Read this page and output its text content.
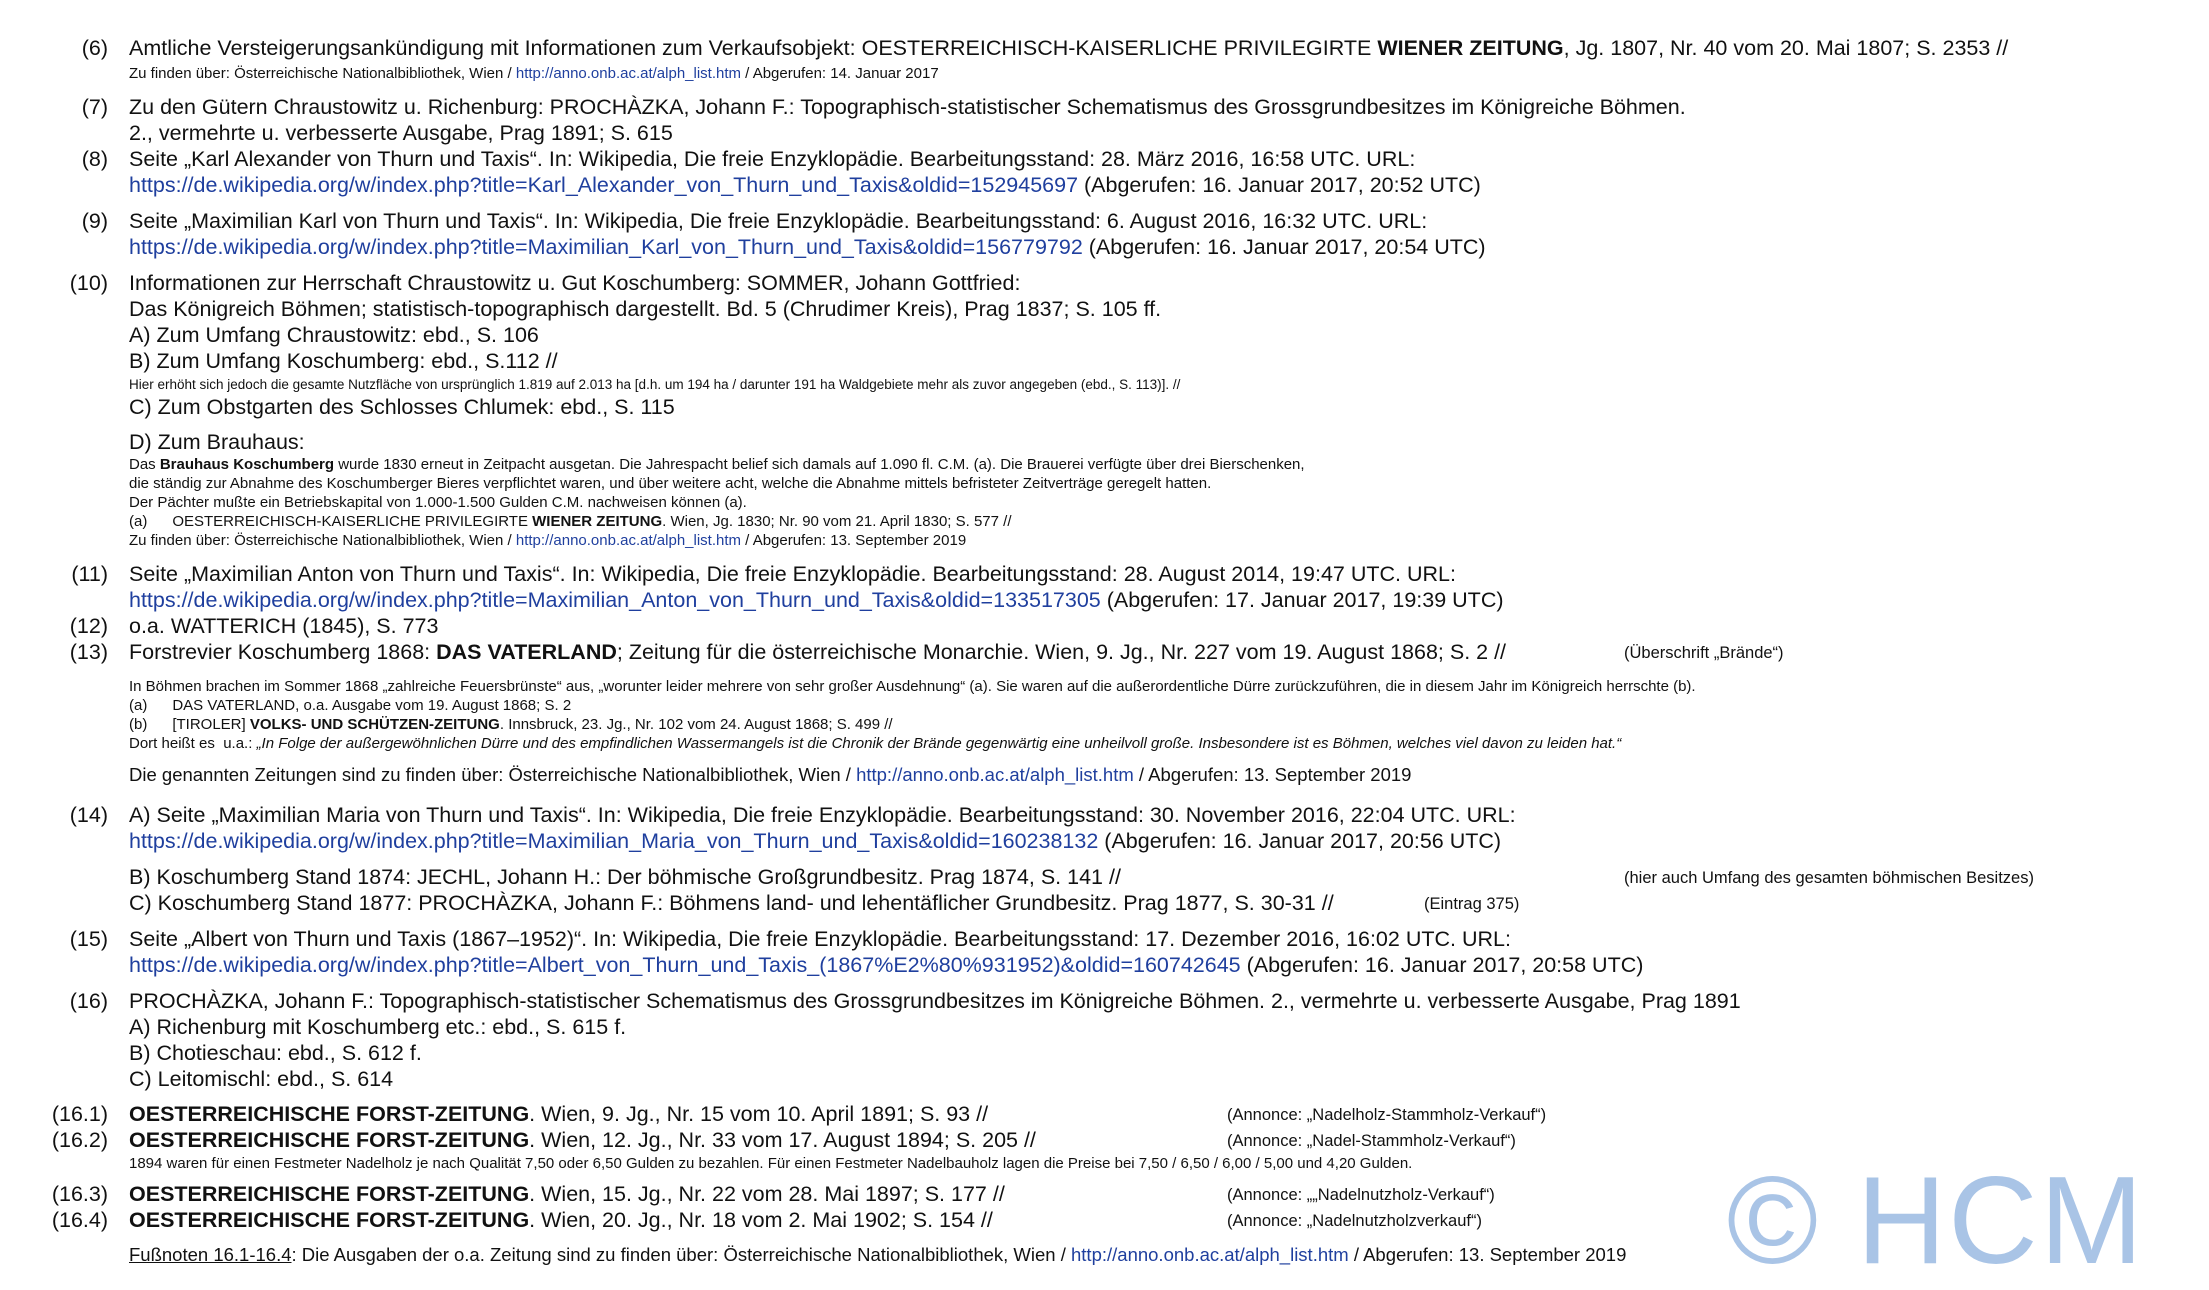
(6) Amtliche Versteigerungsankündigung mit Informationen zum Verkaufsobjekt: OESTERREICHISCH-KAISERLICHE PRIVILEGIRTE WIENER ZEITUNG, Jg. 1807, Nr. 40 vom 20. Mai 1807; S. 2353 //
Zu finden über: Österreichische Nationalbibliothek, Wien / http://anno.onb.ac.at/alph_list.htm / Abgerufen: 14. Januar 2017
(7) Zu den Gütern Chraustowitz u. Richenburg: PROCHÀZKA, Johann F.: Topographisch-statistischer Schematismus des Grossgrundbesitzes im Königreiche Böhmen.
2., vermehrte u. verbesserte Ausgabe, Prag 1891; S. 615
(8) Seite „Karl Alexander von Thurn und Taxis“. In: Wikipedia, Die freie Enzyklopädie. Bearbeitungsstand: 28. März 2016, 16:58 UTC. URL:
https://de.wikipedia.org/w/index.php?title=Karl_Alexander_von_Thurn_und_Taxis&oldid=152945697 (Abgerufen: 16. Januar 2017, 20:52 UTC)
(9) Seite „Maximilian Karl von Thurn und Taxis“. In: Wikipedia, Die freie Enzyklopädie. Bearbeitungsstand: 6. August 2016, 16:32 UTC. URL:
https://de.wikipedia.org/w/index.php?title=Maximilian_Karl_von_Thurn_und_Taxis&oldid=156779792 (Abgerufen: 16. Januar 2017, 20:54 UTC)
(10) Informationen zur Herrschaft Chraustowitz u. Gut Koschumberg: SOMMER, Johann Gottfried:
Das Königreich Böhmen; statistisch-topographisch dargestellt. Bd. 5 (Chrudimer Kreis), Prag 1837; S. 105 ff.
A) Zum Umfang Chraustowitz: ebd., S. 106
B) Zum Umfang Koschumberg: ebd., S.112 //
Hier erhöht sich jedoch die gesamte Nutzfläche von ursprünglich 1.819 auf 2.013 ha [d.h. um 194 ha / darunter 191 ha Waldgebiete mehr als zuvor angegeben (ebd., S. 113)]. //
C) Zum Obstgarten des Schlosses Chlumek: ebd., S. 115
D) Zum Brauhaus:
Das Brauhaus Koschumberg wurde 1830 erneut in Zeitpacht ausgetan. Die Jahrespacht belief sich damals auf 1.090 fl. C.M. (a). Die Brauerei verfügte über drei Bierschenken,
die ständig zur Abnahme des Koschumberger Bieres verpflichtet waren, und über weitere acht, welche die Abnahme mittels befristeter Zeitverträge geregelt hatten.
Der Pächter mußte ein Betriebskapital von 1.000-1.500 Gulden C.M. nachweisen können (a).
(a)      OESTERREICHISCH-KAISERLICHE PRIVILEGIRTE WIENER ZEITUNG. Wien, Jg. 1830; Nr. 90 vom 21. April 1830; S. 577 //
Zu finden über: Österreichische Nationalbibliothek, Wien / http://anno.onb.ac.at/alph_list.htm / Abgerufen: 13. September 2019
(11) Seite „Maximilian Anton von Thurn und Taxis“. In: Wikipedia, Die freie Enzyklopädie. Bearbeitungsstand: 28. August 2014, 19:47 UTC. URL:
https://de.wikipedia.org/w/index.php?title=Maximilian_Anton_von_Thurn_und_Taxis&oldid=133517305 (Abgerufen: 17. Januar 2017, 19:39 UTC)
(12) o.a. WATTERICH (1845), S. 773
(13) Forstrevier Koschumberg 1868: DAS VATERLAND; Zeitung für die österreichische Monarchie. Wien, 9. Jg., Nr. 227 vom 19. August 1868; S. 2 //	(Überschrift „Brände“)
In Böhmen brachen im Sommer 1868 „zahlreiche Feuersbrünste“ aus, „worunter leider mehrere von sehr großer Ausdehnung“ (a). Sie waren auf die außerordentliche Dürre zurückzuführen, die in diesem Jahr im Königreich herrschte (b).
(a)      DAS VATERLAND, o.a. Ausgabe vom 19. August 1868; S. 2
(b)      [TIROLER] VOLKS- UND SCHÜTZEN-ZEITUNG. Innsbruck, 23. Jg., Nr. 102 vom 24. August 1868; S. 499 //
Dort heißt es  u.a.: „In Folge der außergewöhnlichen Dürre und des empfindlichen Wassermangels ist die Chronik der Brände gegenwärtig eine unheilvoll große. Insbesondere ist es Böhmen, welches viel davon zu leiden hat.“
Die genannten Zeitungen sind zu finden über: Österreichische Nationalbibliothek, Wien / http://anno.onb.ac.at/alph_list.htm / Abgerufen: 13. September 2019
(14) A) Seite „Maximilian Maria von Thurn und Taxis“. In: Wikipedia, Die freie Enzyklopädie. Bearbeitungsstand: 30. November 2016, 22:04 UTC. URL:
https://de.wikipedia.org/w/index.php?title=Maximilian_Maria_von_Thurn_und_Taxis&oldid=160238132 (Abgerufen: 16. Januar 2017, 20:56 UTC)
B) Koschumberg Stand 1874: JECHL, Johann H.: Der böhmische Großgrundbesitz. Prag 1874, S. 141 //	(hier auch Umfang des gesamten böhmischen Besitzes)
C) Koschumberg Stand 1877: PROCHÀZKA, Johann F.: Böhmens land- und lehentäflicher Grundbesitz. Prag 1877, S. 30-31 //	(Eintrag 375)
(15) Seite „Albert von Thurn und Taxis (1867–1952)“. In: Wikipedia, Die freie Enzyklopädie. Bearbeitungsstand: 17. Dezember 2016, 16:02 UTC. URL:
https://de.wikipedia.org/w/index.php?title=Albert_von_Thurn_und_Taxis_(1867%E2%80%931952)&oldid=160742645 (Abgerufen: 16. Januar 2017, 20:58 UTC)
(16) PROCHÀZKA, Johann F.: Topographisch-statistischer Schematismus des Grossgrundbesitzes im Königreiche Böhmen. 2., vermehrte u. verbesserte Ausgabe, Prag 1891
A) Richenburg mit Koschumberg etc.: ebd., S. 615 f.
B) Chotieschau: ebd., S. 612 f.
C) Leitomischl: ebd., S. 614
(16.1) OESTERREICHISCHE FORST-ZEITUNG. Wien, 9. Jg., Nr. 15 vom 10. April 1891; S. 93 //	(Annonce: „Nadelholz-Stammholz-Verkauf“)
(16.2) OESTERREICHISCHE FORST-ZEITUNG. Wien, 12. Jg., Nr. 33 vom 17. August 1894; S. 205 //	(Annonce: „Nadel-Stammholz-Verkauf“)
1894 waren für einen Festmeter Nadelholz je nach Qualität 7,50 oder 6,50 Gulden zu bezahlen. Für einen Festmeter Nadelbauholz lagen die Preise bei 7,50 / 6,50 / 6,00 / 5,00 und 4,20 Gulden.
(16.3) OESTERREICHISCHE FORST-ZEITUNG. Wien, 15. Jg., Nr. 22 vom 28. Mai 1897; S. 177 //	(Annonce: „„Nadelnutzholz-Verkauf“)
(16.4) OESTERREICHISCHE FORST-ZEITUNG. Wien, 20. Jg., Nr. 18 vom 2. Mai 1902; S. 154 //	(Annonce: „Nadelnutzholzverkauf“)
Fußnoten 16.1-16.4: Die Ausgaben der o.a. Zeitung sind zu finden über: Österreichische Nationalbibliothek, Wien / http://anno.onb.ac.at/alph_list.htm / Abgerufen: 13. September 2019 © HCM
